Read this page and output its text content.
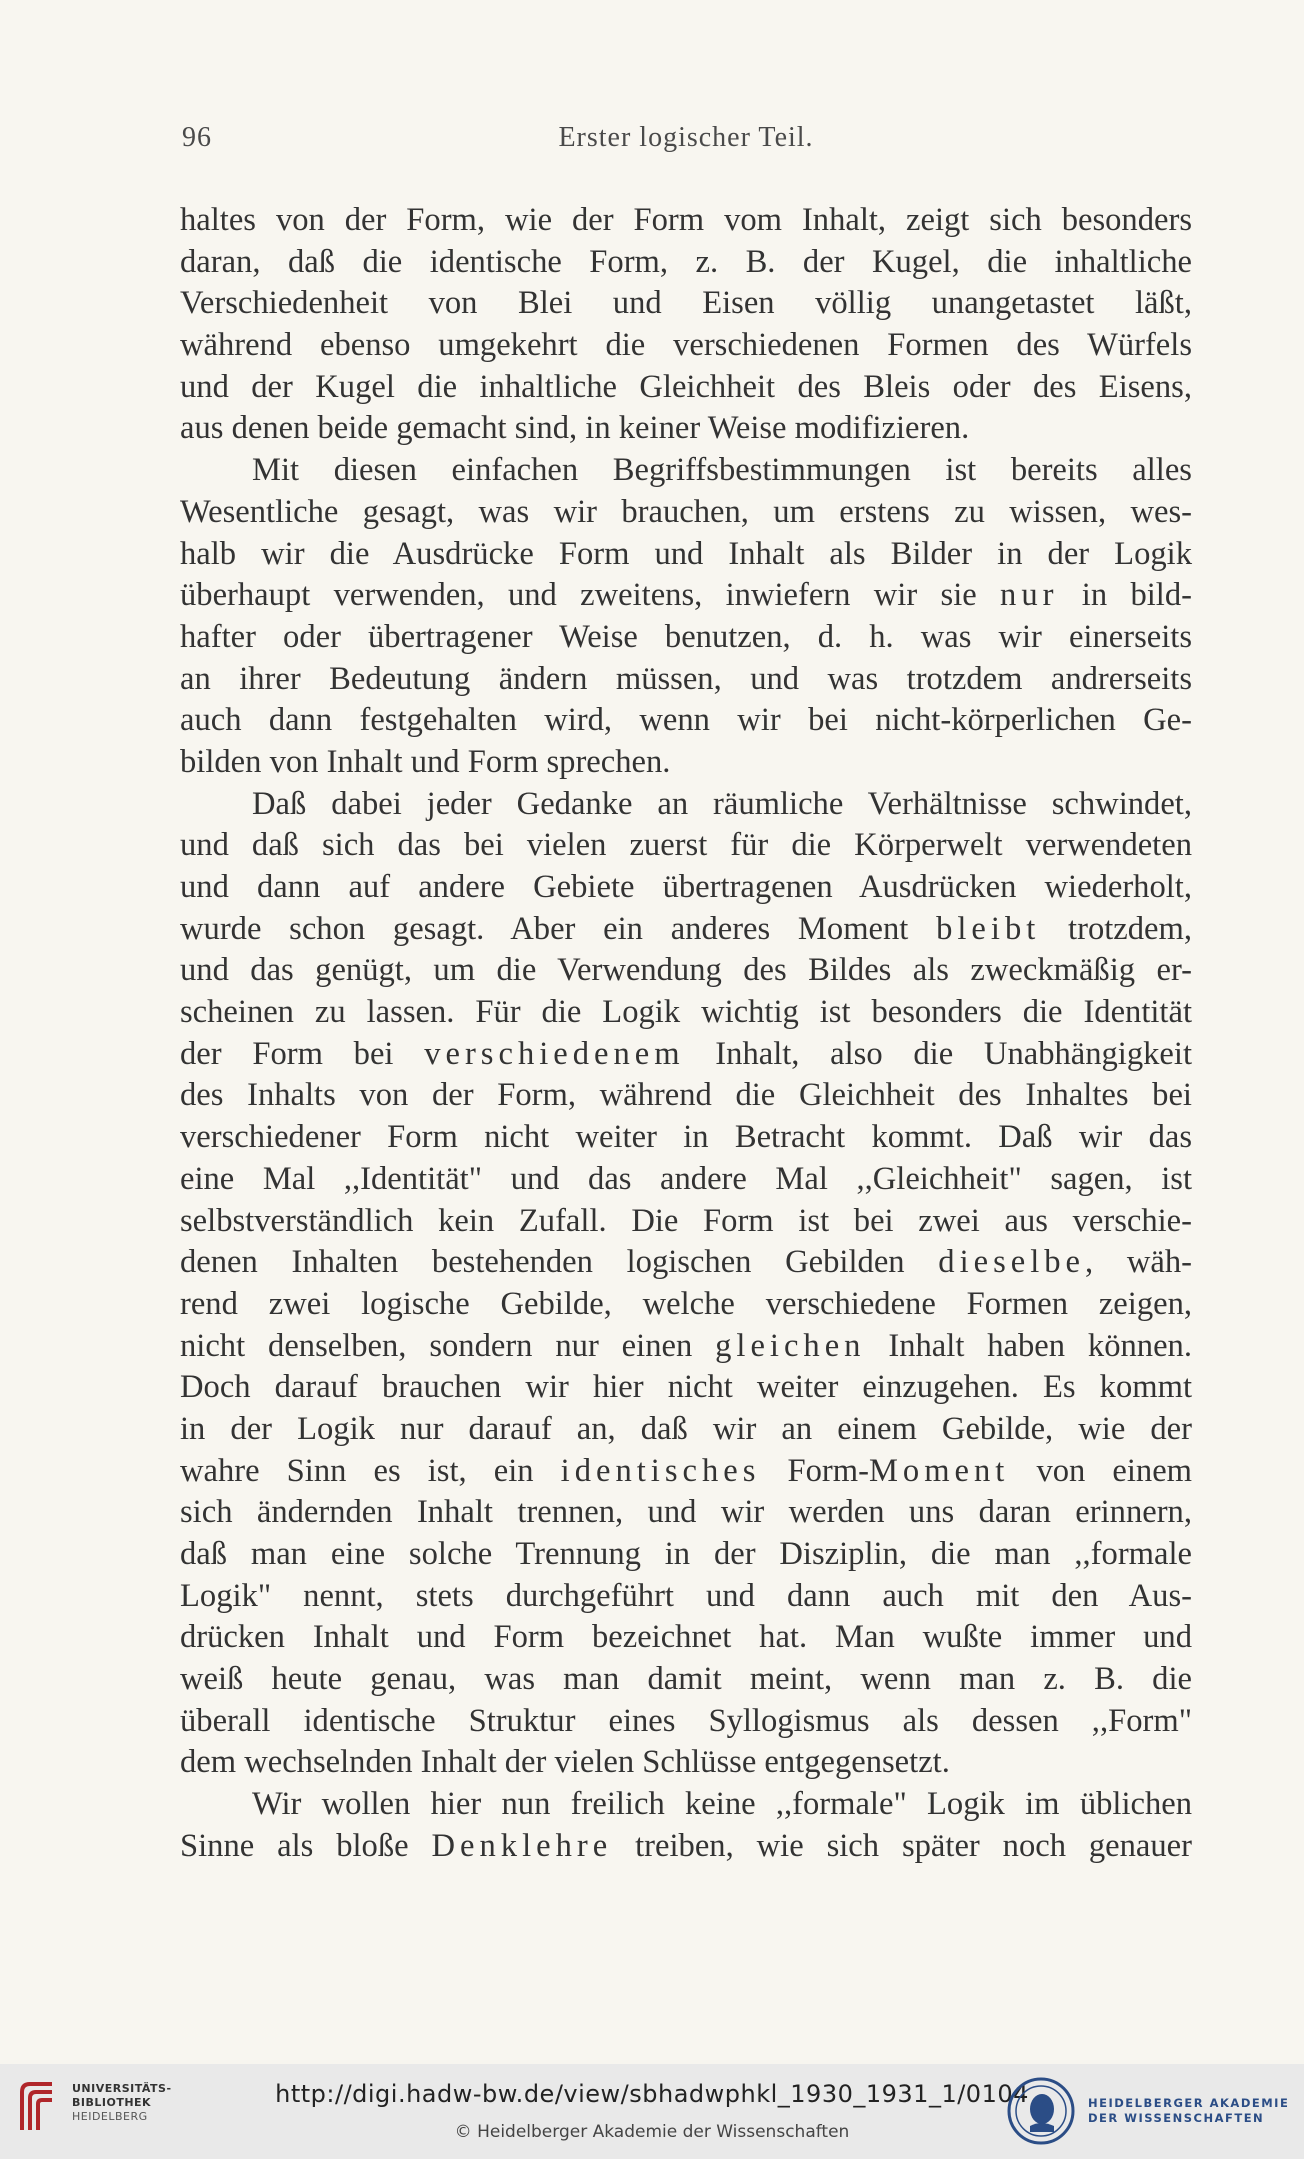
96	Erster logischer Teil.
haltes von der Form, wie der Form vom Inhalt, zeigt sich besonders
daran, daß die identische Form, z. B. der Kugel, die inhaltliche
Verschiedenheit von Blei und Eisen völlig unangetastet läßt,
während ebenso umgekehrt die verschiedenen Formen des Würfels
und der Kugel die inhaltliche Gleichheit des Bleis oder des Eisens,
aus denen beide gemacht sind, in keiner Weise modifizieren.
Mit diesen einfachen Begriffsbestimmungen ist bereits alles
Wesentliche gesagt, was wir brauchen, um erstens zu wissen, wes-
halb wir die Ausdrücke Form und Inhalt als Bilder in der Logik
überhaupt verwenden, und zweitens, inwiefern wir sie nur in bild-
hafter oder übertragener Weise benutzen, d. h. was wir einerseits
an ihrer Bedeutung ändern müssen, und was trotzdem andrerseits
auch dann festgehalten wird, wenn wir bei nicht-körperlichen Ge-
bilden von Inhalt und Form sprechen.
Daß dabei jeder Gedanke an räumliche Verhältnisse schwindet,
und daß sich das bei vielen zuerst für die Körperwelt verwendeten
und dann auf andere Gebiete übertragenen Ausdrücken wiederholt,
wurde schon gesagt. Aber ein anderes Moment bleibt trotzdem,
und das genügt, um die Verwendung des Bildes als zweckmäßig er-
scheinen zu lassen. Für die Logik wichtig ist besonders die Identität
der Form bei verschiedenem Inhalt, also die Unabhängigkeit
des Inhalts von der Form, während die Gleichheit des Inhaltes bei
verschiedener Form nicht weiter in Betracht kommt. Daß wir das
eine Mal ,,Identität" und das andere Mal ,,Gleichheit" sagen, ist
selbstverständlich kein Zufall. Die Form ist bei zwei aus verschie-
denen Inhalten bestehenden logischen Gebilden dieselbe, wäh-
rend zwei logische Gebilde, welche verschiedene Formen zeigen,
nicht denselben, sondern nur einen gleichen Inhalt haben können.
Doch darauf brauchen wir hier nicht weiter einzugehen. Es kommt
in der Logik nur darauf an, daß wir an einem Gebilde, wie der
wahre Sinn es ist, ein identisches Form-Moment von einem
sich ändernden Inhalt trennen, und wir werden uns daran erinnern,
daß man eine solche Trennung in der Disziplin, die man ,,formale
Logik" nennt, stets durchgeführt und dann auch mit den Aus-
drücken Inhalt und Form bezeichnet hat. Man wußte immer und
weiß heute genau, was man damit meint, wenn man z. B. die
überall identische Struktur eines Syllogismus als dessen ,,Form"
dem wechselnden Inhalt der vielen Schlüsse entgegensetzt.
Wir wollen hier nun freilich keine ,,formale" Logik im üblichen
Sinne als bloße Denklehre treiben, wie sich später noch genauer
UNIVERSITÄTS-
BIBLIOTHEK
HEIDELBERG
http://digi.hadw-bw.de/view/sbhadwphkl_1930_1931_1/0104
© Heidelberger Akademie der Wissenschaften
HEIDELBERGER AKADEMIE
DER WISSENSCHAFTEN
